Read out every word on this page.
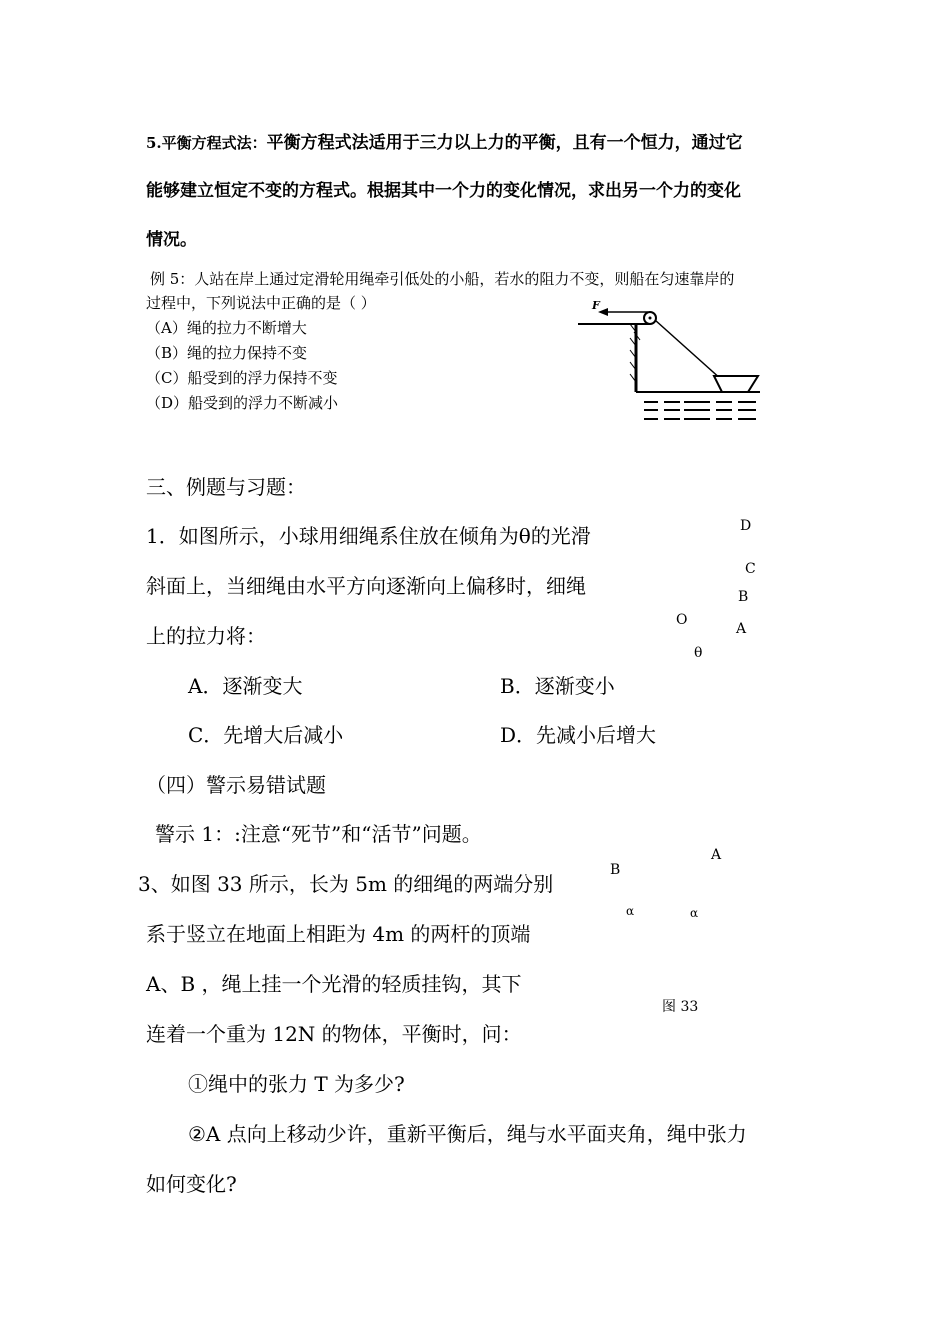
5.平衡方程式法：平衡方程式法适用于三力以上力的平衡，且有一个恒力，通过它
能够建立恒定不变的方程式。根据其中一个力的变化情况，求出另一个力的变化
情况。
例 5：人站在岸上通过定滑轮用绳牵引低处的小船，若水的阻力不变，则船在匀速靠岸的
过程中，下列说法中正确的是（ ）
（A）绳的拉力不断增大
（B）绳的拉力保持不变
（C）船受到的浮力保持不变
（D）船受到的浮力不断减小
F
三、例题与习题：
1．如图所示，小球用细绳系住放在倾角为θ的光滑
斜面上，当细绳由水平方向逐渐向上偏移时，细绳
上的拉力将：
A．逐渐变大	B．逐渐变小
C．先增大后减小	D．先减小后增大
D
C
B
O
A
θ
（四）警示易错试题
警示 1：:注意“死节”和“活节”问题。
3、如图 33 所示，长为 5m 的细绳的两端分别
系于竖立在地面上相距为 4m 的两杆的顶端
A、B ，绳上挂一个光滑的轻质挂钩，其下
连着一个重为 12N 的物体，平衡时，问：
①绳中的张力 T 为多少?
②A 点向上移动少许，重新平衡后，绳与水平面夹角，绳中张力
如何变化?
A
B
α	α
图 33
